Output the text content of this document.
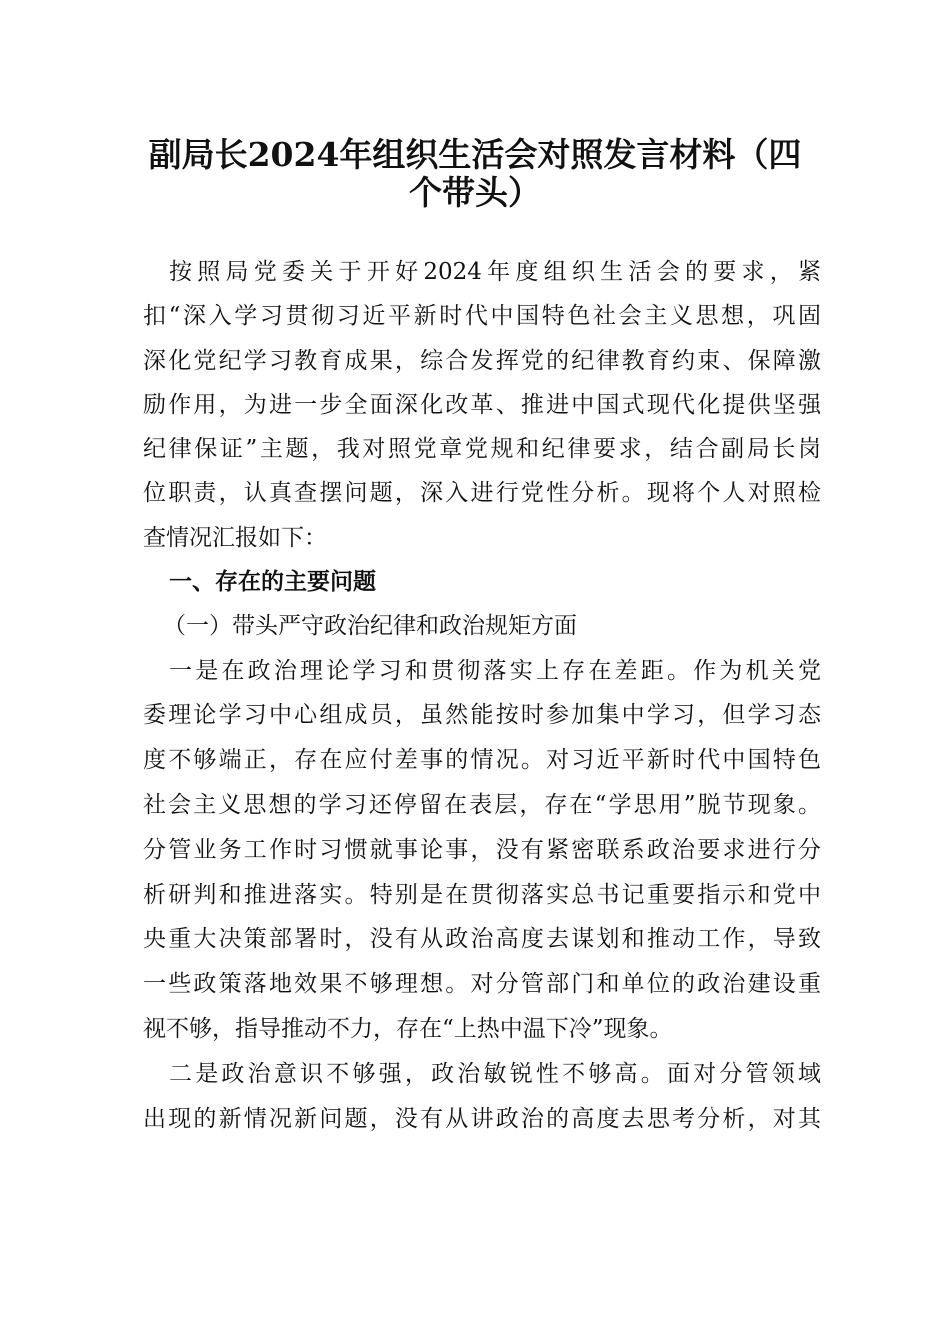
副局长2024年组织生活会对照发言材料（四
个带头）
按照局党委关于开好2024年度组织生活会的要求，紧
扣“深入学习贯彻习近平新时代中国特色社会主义思想，巩固
深化党纪学习教育成果，综合发挥党的纪律教育约束、保障激
励作用，为进一步全面深化改革、推进中国式现代化提供坚强
纪律保证”主题，我对照党章党规和纪律要求，结合副局长岗
位职责，认真查摆问题，深入进行党性分析。现将个人对照检
查情况汇报如下：
一、存在的主要问题
（一）带头严守政治纪律和政治规矩方面
一是在政治理论学习和贯彻落实上存在差距。作为机关党
委理论学习中心组成员，虽然能按时参加集中学习，但学习态
度不够端正，存在应付差事的情况。对习近平新时代中国特色
社会主义思想的学习还停留在表层，存在“学思用”脱节现象。
分管业务工作时习惯就事论事，没有紧密联系政治要求进行分
析研判和推进落实。特别是在贯彻落实总书记重要指示和党中
央重大决策部署时，没有从政治高度去谋划和推动工作，导致
一些政策落地效果不够理想。对分管部门和单位的政治建设重
视不够，指导推动不力，存在“上热中温下冷”现象。
二是政治意识不够强，政治敏锐性不够高。面对分管领域
出现的新情况新问题，没有从讲政治的高度去思考分析，对其
